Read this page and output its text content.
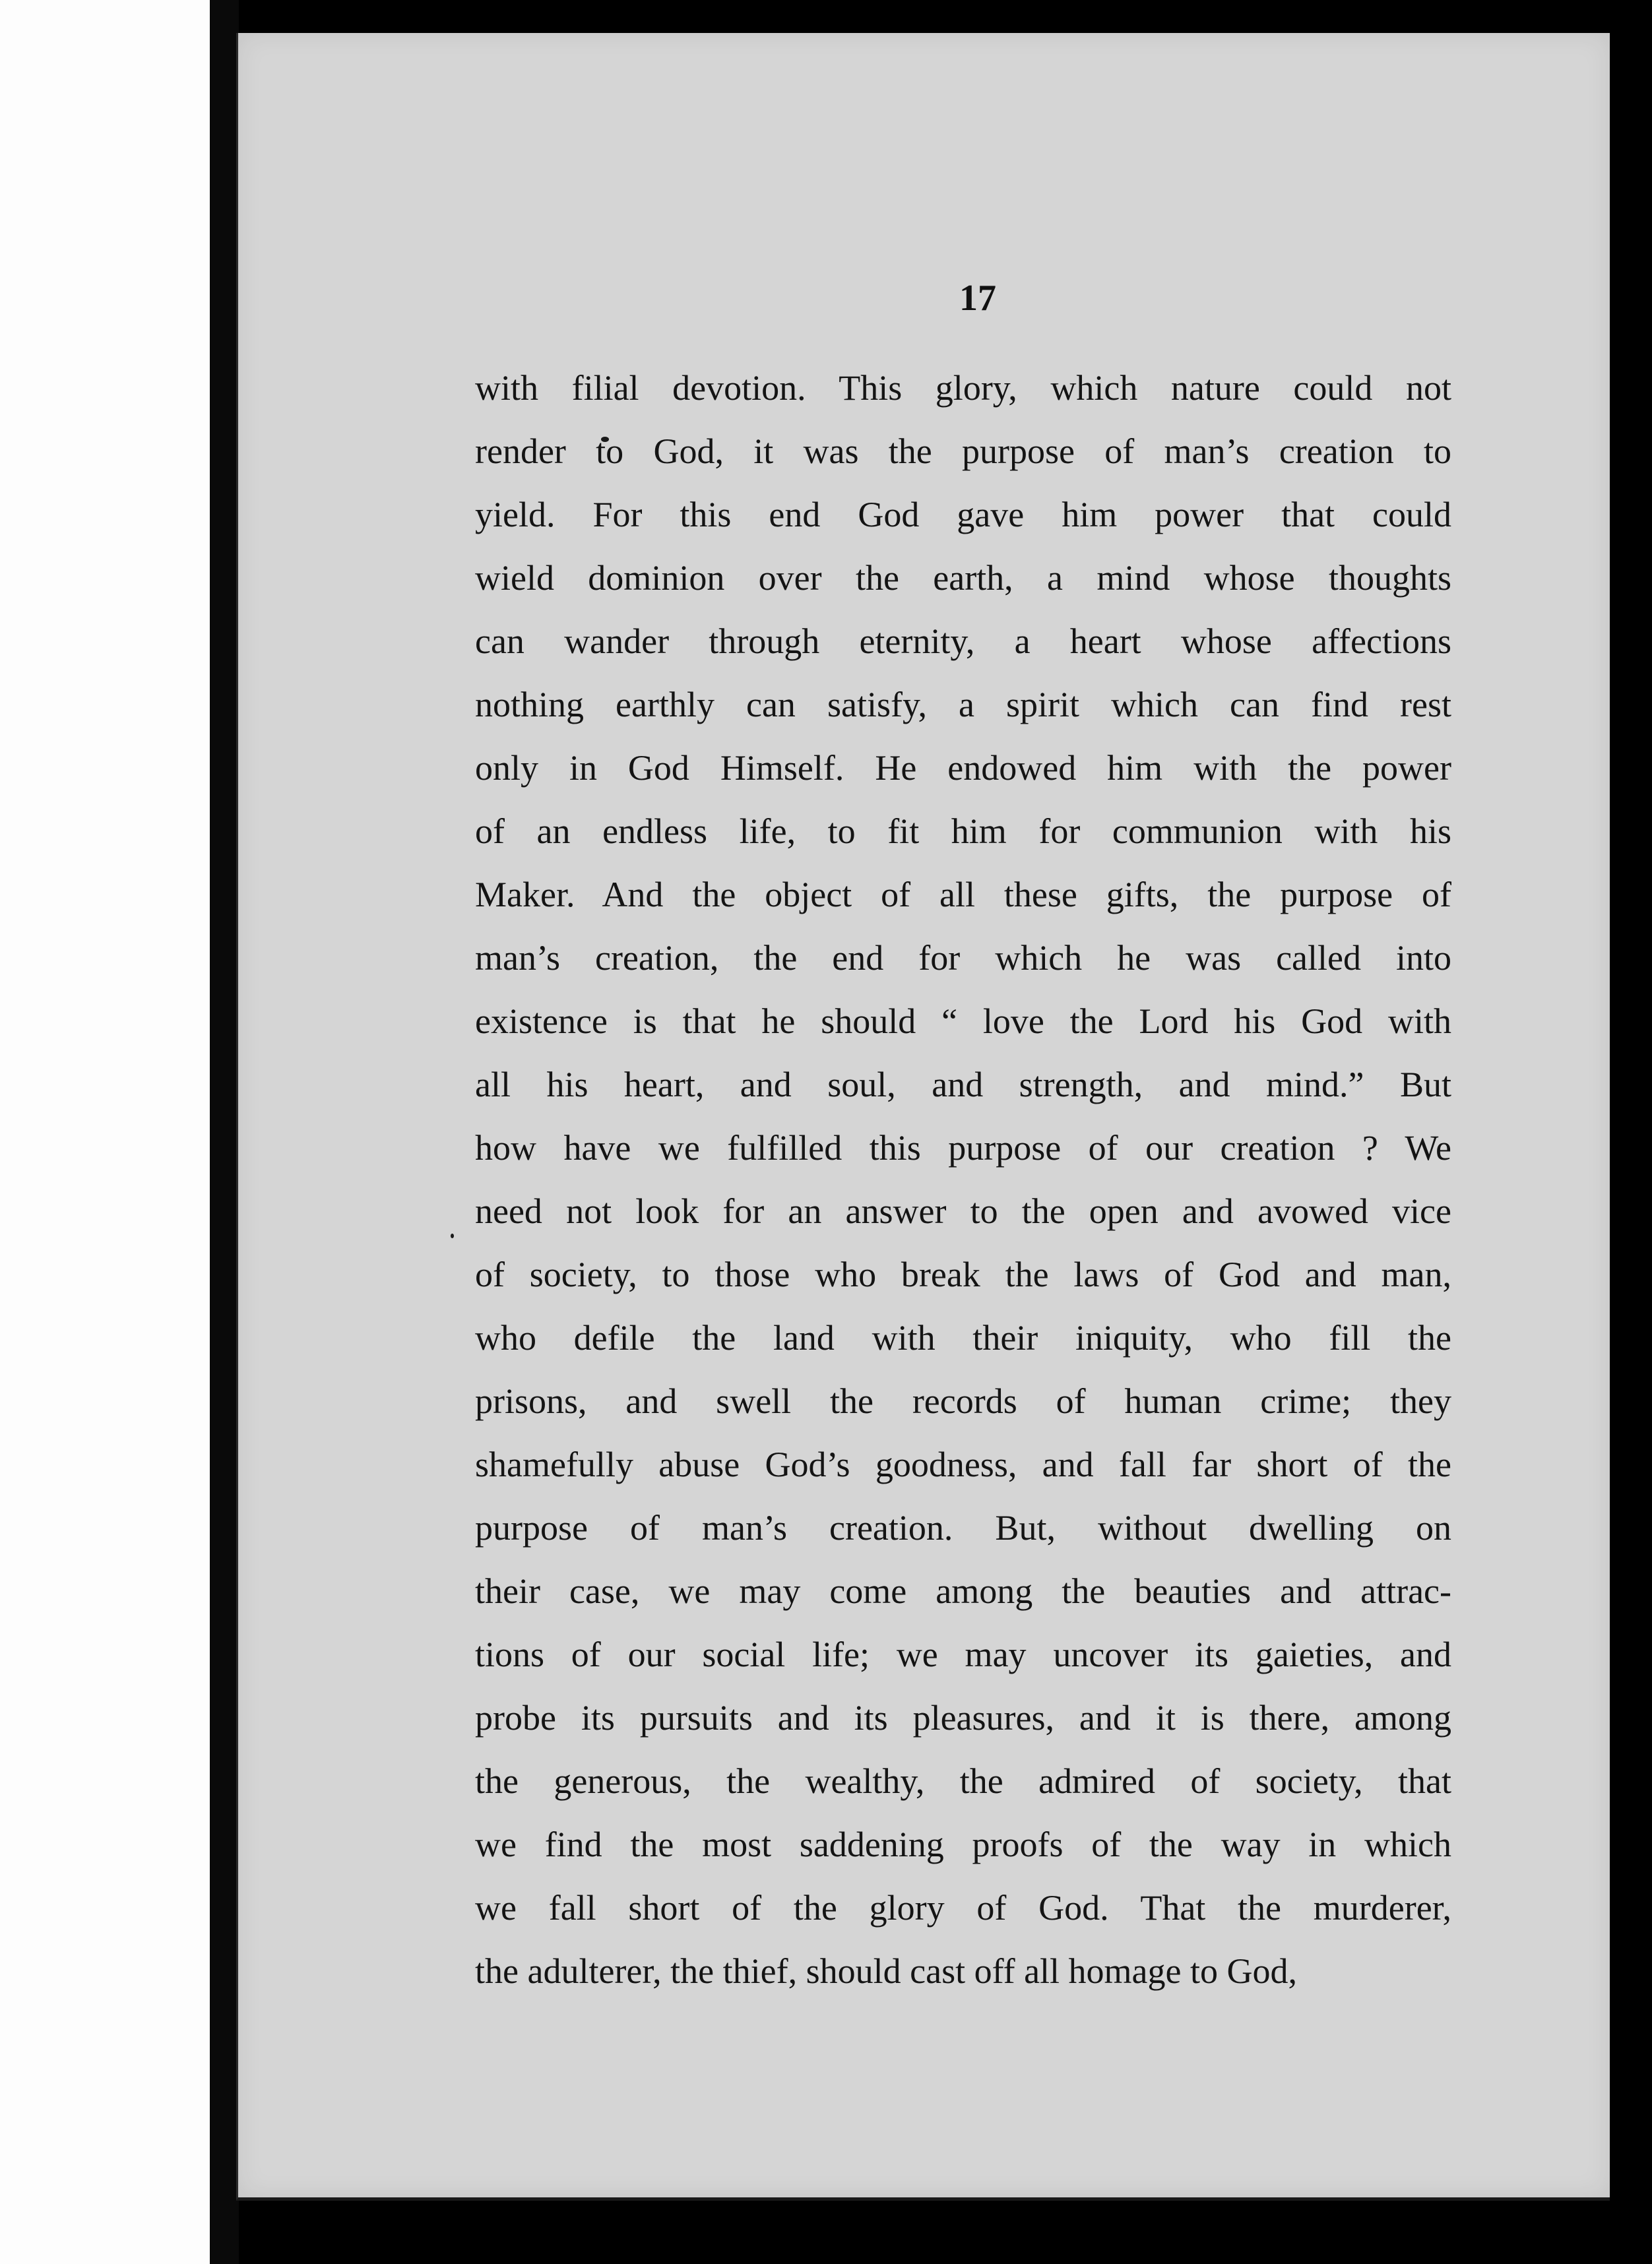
17
with filial devotion. This glory, which nature could not
render to God, it was the purpose of man’s creation to
yield. For this end God gave him power that could
wield dominion over the earth, a mind whose thoughts
can wander through eternity, a heart whose affections
nothing earthly can satisfy, a spirit which can find rest
only in God Himself. He endowed him with the power
of an endless life, to fit him for communion with his
Maker. And the object of all these gifts, the purpose of
man’s creation, the end for which he was called into
existence is that he should “ love the Lord his God with
all his heart, and soul, and strength, and mind.” But
how have we fulfilled this purpose of our creation ? We
need not look for an answer to the open and avowed vice
of society, to those who break the laws of God and man,
who defile the land with their iniquity, who fill the
prisons, and swell the records of human crime; they
shamefully abuse God’s goodness, and fall far short of the
purpose of man’s creation. But, without dwelling on
their case, we may come among the beauties and attrac-
tions of our social life; we may uncover its gaieties, and
probe its pursuits and its pleasures, and it is there, among
the generous, the wealthy, the admired of society, that
we find the most saddening proofs of the way in which
we fall short of the glory of God. That the murderer,
the adulterer, the thief, should cast off all homage to God,
